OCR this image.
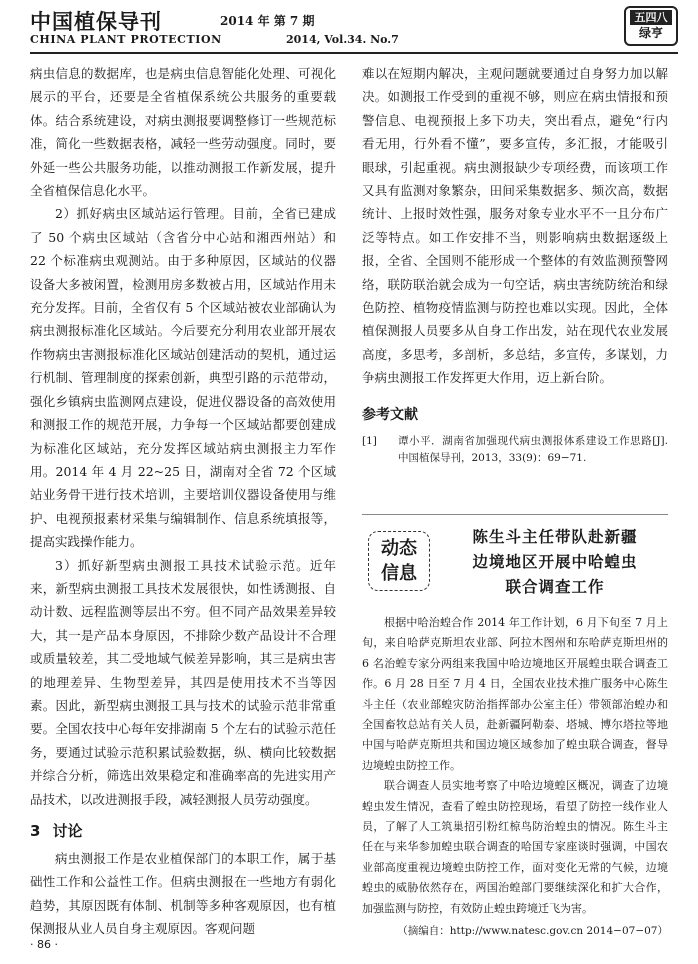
中国植保导刊	2014 年 第 7 期
CHINA PLANT PROTECTION	2014, Vol.34. No.7
五四八
绿亨

病虫信息的数据库，也是病虫信息智能化处理、可视化展示的平台，还要是全省植保系统公共服务的重要载体。结合系统建设，对病虫测报要调整修订一些规范标准，简化一些数据表格，减轻一些劳动强度。同时，要外延一些公共服务功能，以推动测报工作新发展，提升全省植保信息化水平。

2）抓好病虫区域站运行管理。目前，全省已建成了 50 个病虫区域站（含省分中心站和湘西州站）和 22 个标准病虫观测站。由于多种原因，区域站的仪器设备大多被闲置，检测用房多数被占用，区域站作用未充分发挥。目前，全省仅有 5 个区域站被农业部确认为病虫测报标准化区域站。今后要充分利用农业部开展农作物病虫害测报标准化区域站创建活动的契机，通过运行机制、管理制度的探索创新，典型引路的示范带动，强化乡镇病虫监测网点建设，促进仪器设备的高效使用和测报工作的规范开展，力争每一个区域站都要创建成为标准化区域站，充分发挥区域站病虫测报主力军作用。2014 年 4 月 22~25 日，湖南对全省 72 个区域站业务骨干进行技术培训，主要培训仪器设备使用与维护、电视预报素材采集与编辑制作、信息系统填报等，提高实践操作能力。

3）抓好新型病虫测报工具技术试验示范。近年来，新型病虫测报工具技术发展很快，如性诱测报、自动计数、远程监测等层出不穷。但不同产品效果差异较大，其一是产品本身原因，不排除少数产品设计不合理或质量较差，其二受地域气候差异影响，其三是病虫害的地理差异、生物型差异，其四是使用技术不当等因素。因此，新型病虫测报工具与技术的试验示范非常重要。全国农技中心每年安排湖南 5 个左右的试验示范任务，要通过试验示范积累试验数据，纵、横向比较数据并综合分析，筛选出效果稳定和准确率高的先进实用产品技术，以改进测报手段，减轻测报人员劳动强度。

3 讨论

病虫测报工作是农业植保部门的本职工作，属于基础性工作和公益性工作。但病虫测报在一些地方有弱化趋势，其原因既有体制、机制等多种客观原因，也有植保测报从业人员自身主观原因。客观问题

难以在短期内解决，主观问题就要通过自身努力加以解决。如测报工作受到的重视不够，则应在病虫情报和预警信息、电视预报上多下功夫，突出看点，避免“行内看无用，行外看不懂”，要多宣传，多汇报，才能吸引眼球，引起重视。病虫测报缺少专项经费，而该项工作又具有监测对象繁杂，田间采集数据多、频次高，数据统计、上报时效性强，服务对象专业水平不一且分布广泛等特点。如工作安排不当，则影响病虫数据逐级上报，全省、全国则不能形成一个整体的有效监测预警网络，联防联治就会成为一句空话，病虫害统防统治和绿色防控、植物疫情监测与防控也难以实现。因此，全体植保测报人员要多从自身工作出发，站在现代农业发展高度，多思考，多剖析，多总结，多宣传，多谋划，力争病虫测报工作发挥更大作用，迈上新台阶。

参考文献
[1] 谭小平．湖南省加强现代病虫测报体系建设工作思路[J]. 中国植保导刊，2013，33(9)：69−71.
动态
信息
陈生斗主任带队赴新疆
边境地区开展中哈蝗虫
联合调查工作

根据中哈治蝗合作 2014 年工作计划，6 月下旬至 7 月上旬，来自哈萨克斯坦农业部、阿拉木图州和东哈萨克斯坦州的 6 名治蝗专家分两组来我国中哈边境地区开展蝗虫联合调查工作。6 月 28 日至 7 月 4 日，全国农业技术推广服务中心陈生斗主任（农业部蝗灾防治指挥部办公室主任）带领部治蝗办和全国畜牧总站有关人员，赴新疆阿勒泰、塔城、博尔塔拉等地中国与哈萨克斯坦共和国边境区域参加了蝗虫联合调查，督导边境蝗虫防控工作。

联合调查人员实地考察了中哈边境蝗区概况，调查了边境蝗虫发生情况，查看了蝗虫防控现场，看望了防控一线作业人员，了解了人工筑巢招引粉红椋鸟防治蝗虫的情况。陈生斗主任在与来华参加蝗虫联合调查的哈国专家座谈时强调，中国农业部高度重视边境蝗虫防控工作，面对变化无常的气候，边境蝗虫的威胁依然存在，两国治蝗部门要继续深化和扩大合作，加强监测与防控，有效防止蝗虫跨境迁飞为害。

（摘编自：http://www.natesc.gov.cn 2014−07−07）
· 86 ·
